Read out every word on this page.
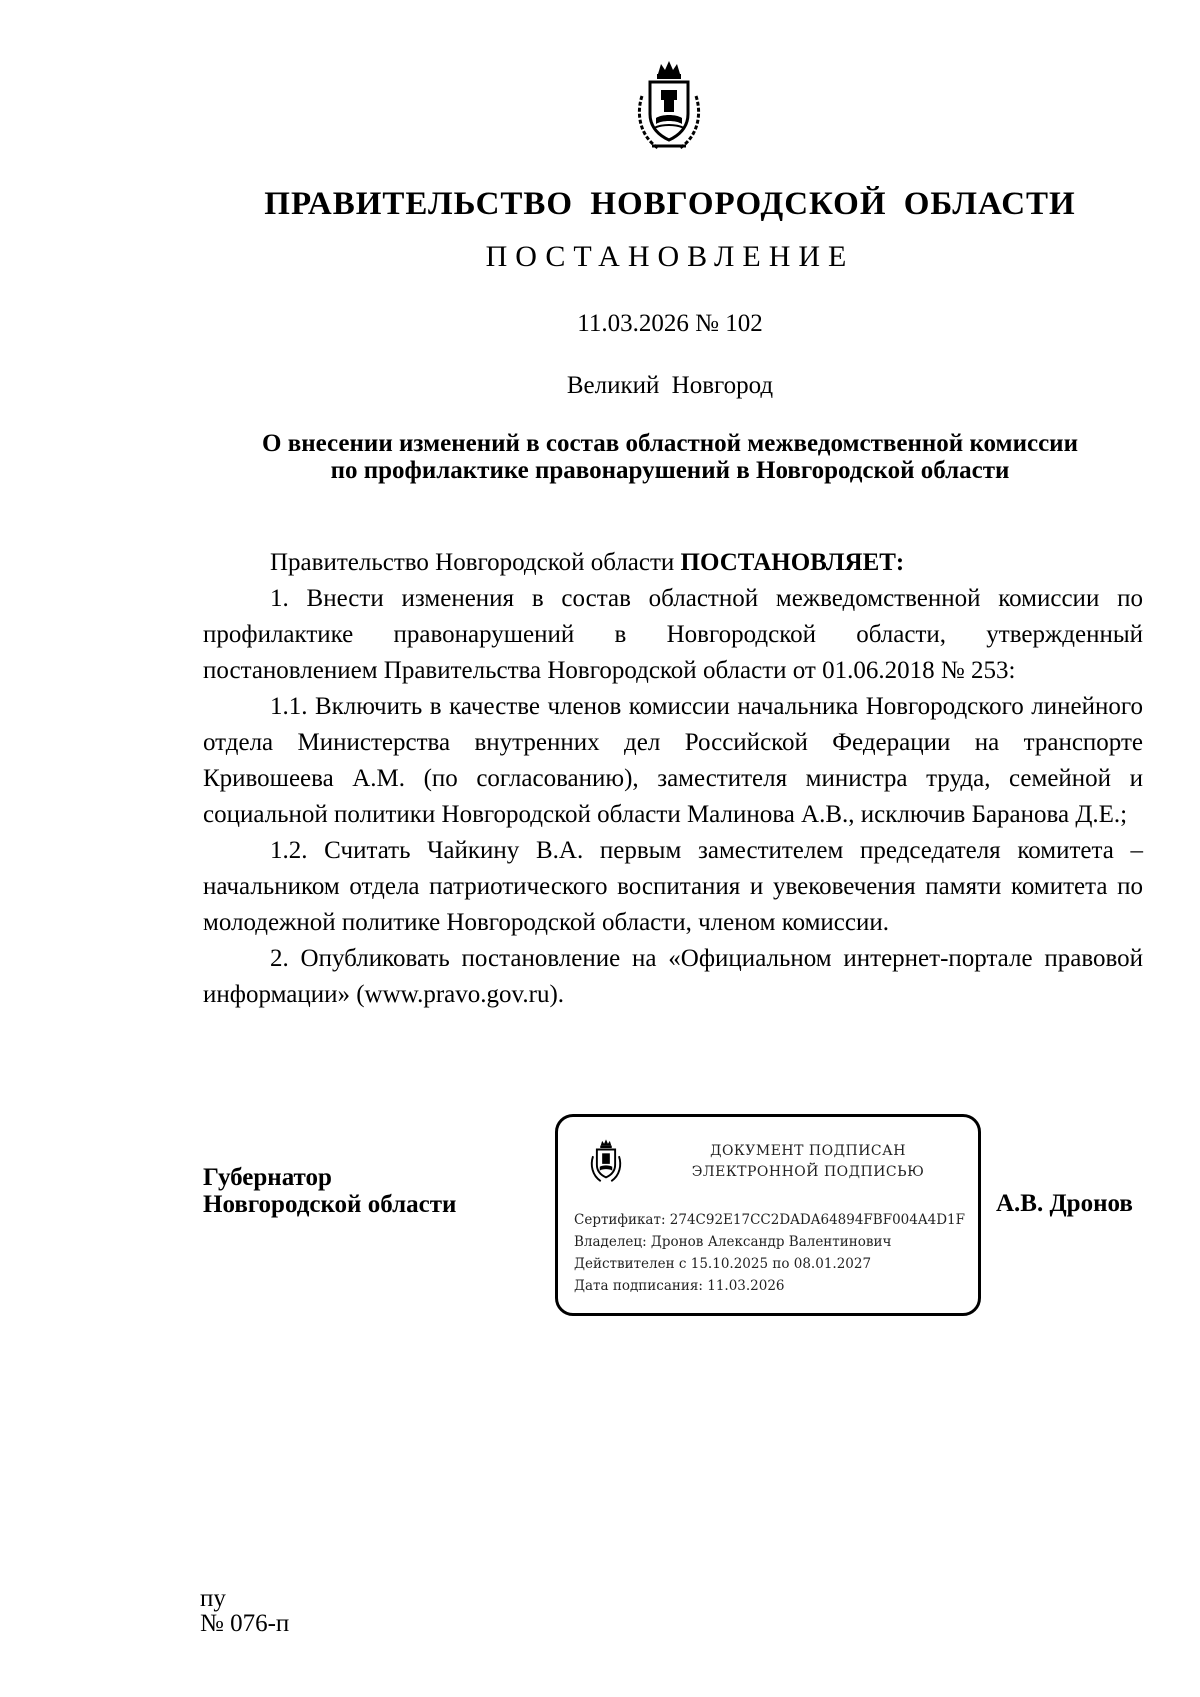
ПРАВИТЕЛЬСТВО НОВГОРОДСКОЙ ОБЛАСТИ
ПОСТАНОВЛЕНИЕ
11.03.2026 № 102
Великий Новгород
О внесении изменений в состав областной межведомственной комиссии
по профилактике правонарушений в Новгородской области

Правительство Новгородской области ПОСТАНОВЛЯЕТ:

1. Внести изменения в состав областной межведомственной комиссии по профилактике правонарушений в Новгородской области, утвержденный постановлением Правительства Новгородской области от 01.06.2018 № 253:

1.1. Включить в качестве членов комиссии начальника Новгородского линейного отдела Министерства внутренних дел Российской Федерации на транспорте Кривошеева А.М. (по согласованию), заместителя министра труда, семейной и социальной политики Новгородской области Малинова А.В., исключив Баранова Д.Е.;

1.2. Считать Чайкину В.А. первым заместителем председателя комитета – начальником отдела патриотического воспитания и увековечения памяти комитета по молодежной политике Новгородской области, членом комиссии.

2. Опубликовать постановление на «Официальном интернет-портале правовой информации» (www.pravo.gov.ru).

Губернатор
Новгородской области
ДОКУМЕНТ ПОДПИСАН
ЭЛЕКТРОННОЙ ПОДПИСЬЮ
Сертификат: 274C92E17CC2DADA64894FBF004A4D1F
Владелец: Дронов Александр Валентинович
Действителен с 15.10.2025 по 08.01.2027
Дата подписания: 11.03.2026
А.В. Дронов
пу
№ 076-п
